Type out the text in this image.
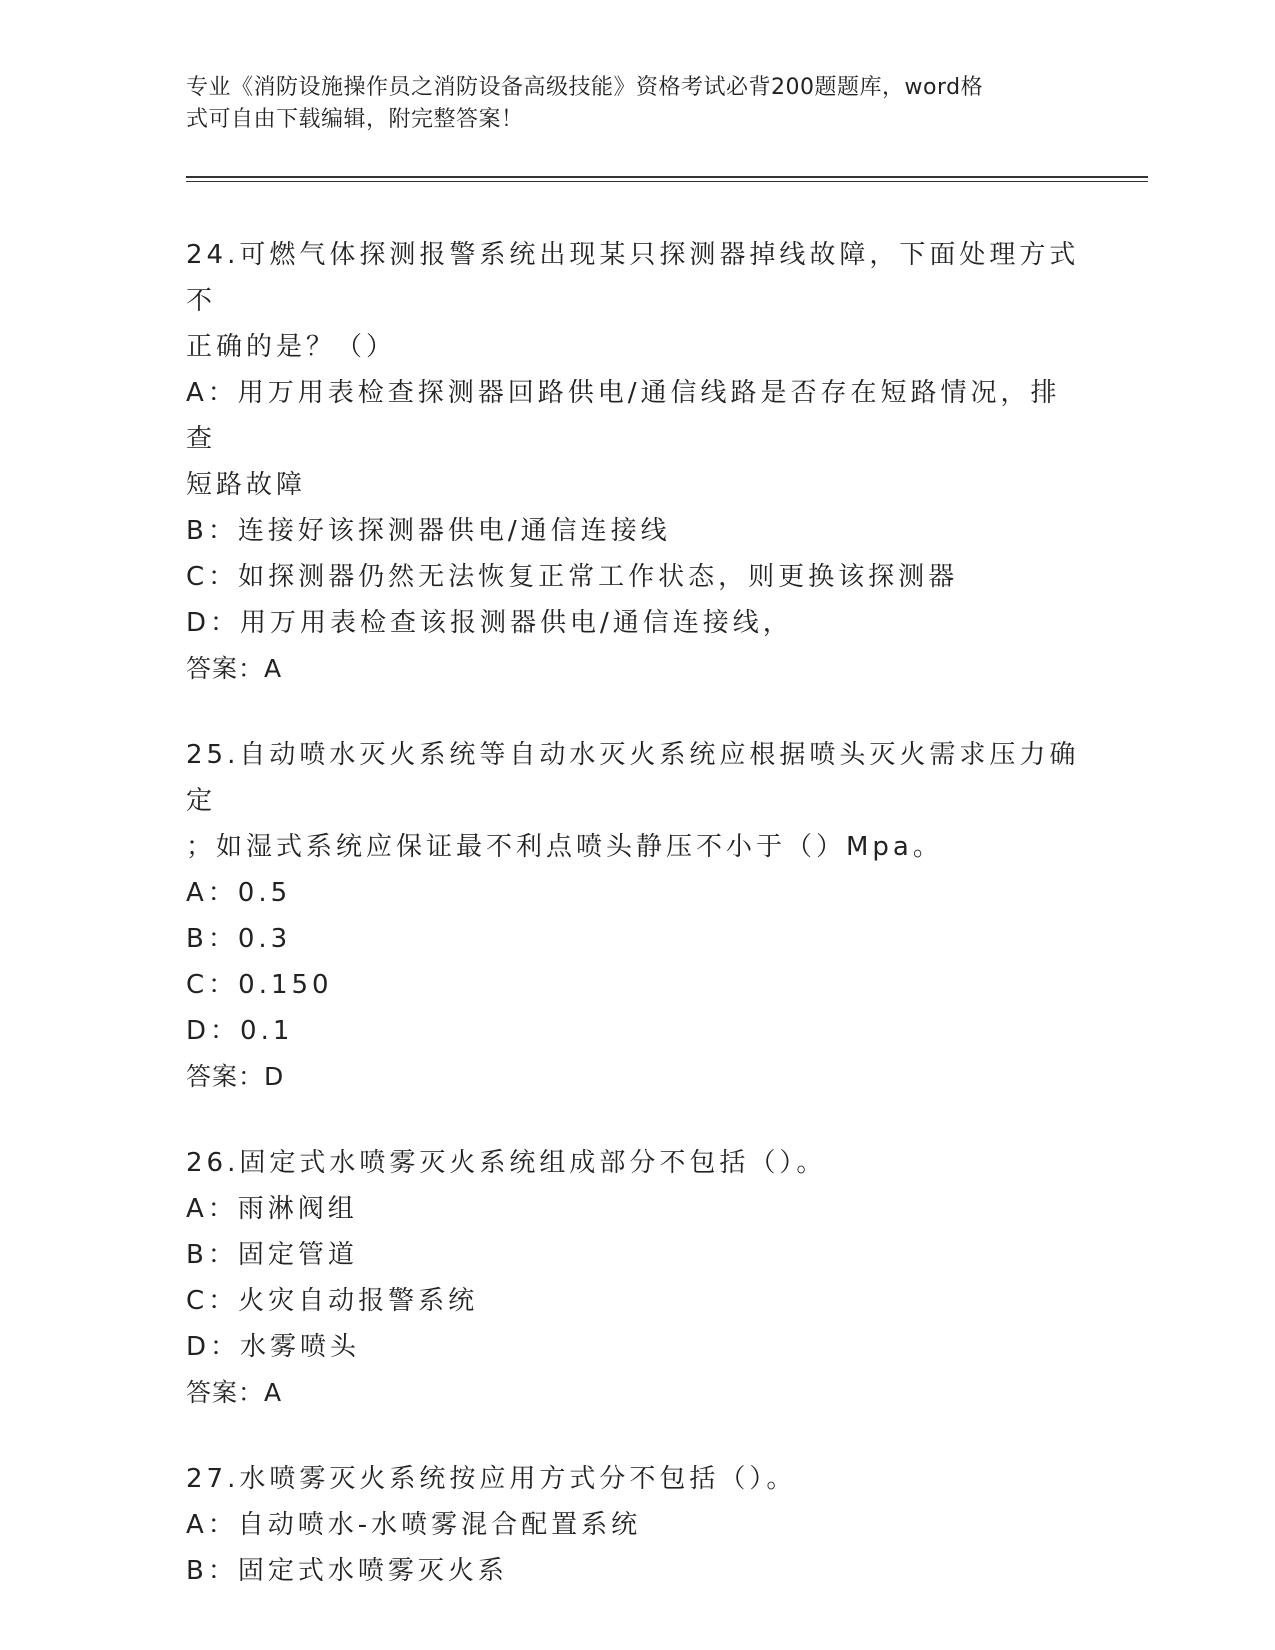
专业《消防设施操作员之消防设备高级技能》资格考试必背200题题库，word格
式可自由下载编辑，附完整答案！
24.可燃气体探测报警系统出现某只探测器掉线故障，下面处理方式不
正确的是？（）
A：用万用表检查探测器回路供电/通信线路是否存在短路情况，排查
短路故障
B：连接好该探测器供电/通信连接线
C：如探测器仍然无法恢复正常工作状态，则更换该探测器
D：用万用表检查该报测器供电/通信连接线，
答案：A
25.自动喷水灭火系统等自动水灭火系统应根据喷头灭火需求压力确定
；如湿式系统应保证最不利点喷头静压不小于（）Mpa。
A：0.5
B：0.3
C：0.150
D：0.1
答案：D
26.固定式水喷雾灭火系统组成部分不包括（）。
A：雨淋阀组
B：固定管道
C：火灾自动报警系统
D：水雾喷头
答案：A
27.水喷雾灭火系统按应用方式分不包括（）。
A：自动喷水-水喷雾混合配置系统
B：固定式水喷雾灭火系
